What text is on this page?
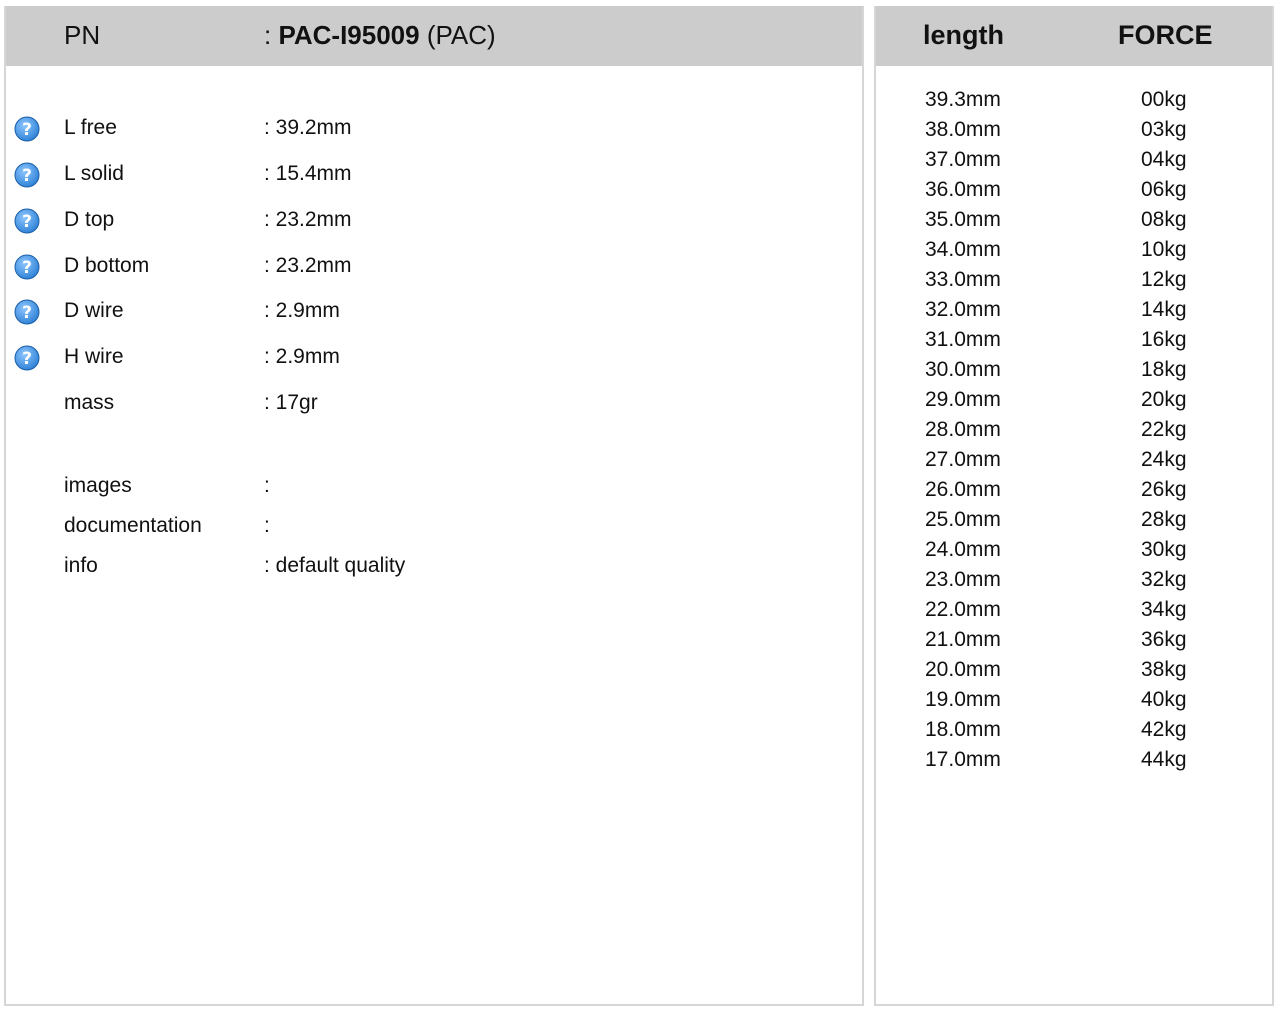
PN	: PAC-I95009 (PAC)
? L free	: 39.2mm
? L solid	: 15.4mm
? D top	: 23.2mm
? D bottom	: 23.2mm
? D wire	: 2.9mm
? H wire	: 2.9mm
mass	: 17gr
images	:
documentation	:
info	: default quality
length	FORCE
39.3mm	00kg
38.0mm	03kg
37.0mm	04kg
36.0mm	06kg
35.0mm	08kg
34.0mm	10kg
33.0mm	12kg
32.0mm	14kg
31.0mm	16kg
30.0mm	18kg
29.0mm	20kg
28.0mm	22kg
27.0mm	24kg
26.0mm	26kg
25.0mm	28kg
24.0mm	30kg
23.0mm	32kg
22.0mm	34kg
21.0mm	36kg
20.0mm	38kg
19.0mm	40kg
18.0mm	42kg
17.0mm	44kg
